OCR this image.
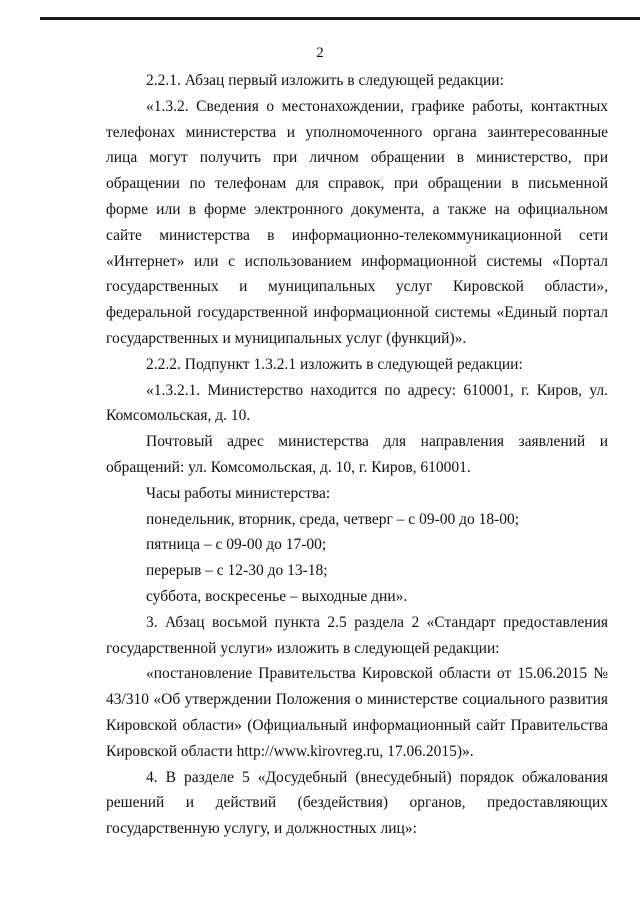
2

2.2.1. Абзац первый изложить в следующей редакции:

«1.3.2. Сведения о местонахождении, графике работы, контактных телефонах министерства и уполномоченного органа заинтересованные лица могут получить при личном обращении в министерство, при обращении по телефонам для справок, при обращении в письменной форме или в форме электронного документа, а также на официальном сайте министерства в информационно-телекоммуникационной сети «Интернет» или с использованием информационной системы «Портал государственных и муниципальных услуг Кировской области», федеральной государственной информационной системы «Единый портал государственных и муниципальных услуг (функций)».

2.2.2. Подпункт 1.3.2.1 изложить в следующей редакции:

«1.3.2.1. Министерство находится по адресу: 610001, г. Киров, ул. Комсомольская, д. 10.

Почтовый адрес министерства для направления заявлений и обращений: ул. Комсомольская, д. 10, г. Киров, 610001.

Часы работы министерства:

понедельник, вторник, среда, четверг – с 09-00 до 18-00;

пятница – с 09-00 до 17-00;

перерыв – с 12-30 до 13-18;

суббота, воскресенье – выходные дни».

3. Абзац восьмой пункта 2.5 раздела 2 «Стандарт предоставления государственной услуги» изложить в следующей редакции:

«постановление Правительства Кировской области от 15.06.2015 № 43/310 «Об утверждении Положения о министерстве социального развития Кировской области» (Официальный информационный сайт Правительства Кировской области http://www.kirovreg.ru, 17.06.2015)».

4. В разделе 5 «Досудебный (внесудебный) порядок обжалования решений и действий (бездействия) органов, предоставляющих государственную услугу, и должностных лиц»:
